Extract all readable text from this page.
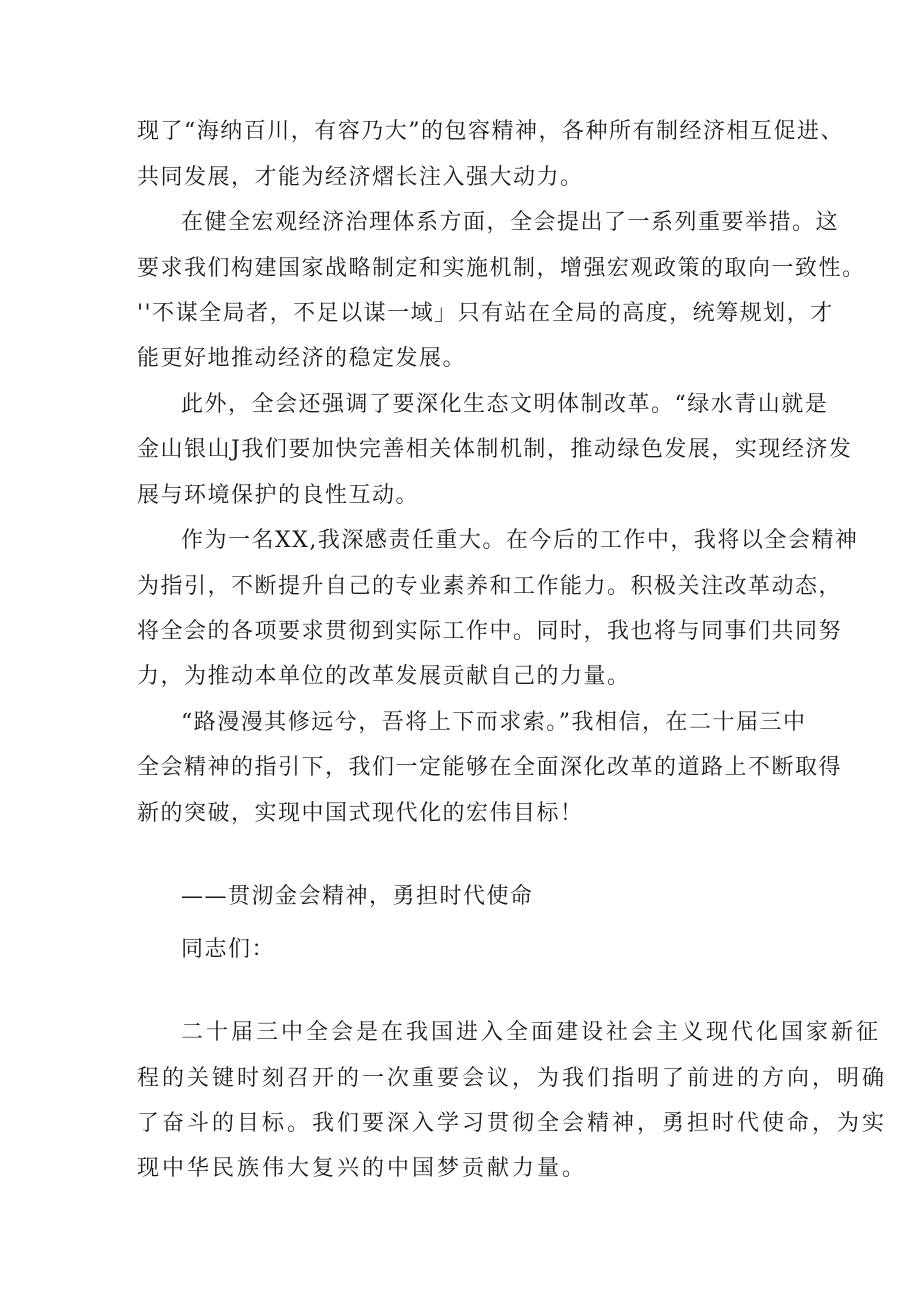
现了“海纳百川，有容乃大”的包容精神，各种所有制经济相互促进、
共同发展，才能为经济熠长注入强大动力。
在健全宏观经济治理体系方面，全会提出了一系列重要举措。这
要求我们构建国家战略制定和实施机制，增强宏观政策的取向一致性。
''不谋全局者，不足以谋一域」只有站在全局的高度，统筹规划，才
能更好地推动经济的稳定发展。
此外，全会还强调了要深化生态文明体制改革。“绿水青山就是
金山银山J我们要加快完善相关体制机制，推动绿色发展，实现经济发
展与环境保护的良性互动。
作为一名XX,我深感责任重大。在今后的工作中，我将以全会精神
为指引，不断提升自己的专业素养和工作能力。积极关注改革动态，
将全会的各项要求贯彻到实际工作中。同时，我也将与同事们共同努
力，为推动本单位的改革发展贡献自己的力量。
“路漫漫其修远兮，吾将上下而求索。”我相信，在二十届三中
全会精神的指引下，我们一定能够在全面深化改革的道路上不断取得
新的突破，实现中国式现代化的宏伟目标！
——贯沏金会精神，勇担时代使命
同志们：
二十届三中全会是在我国进入全面建设社会主义现代化国家新征
程的关键时刻召开的一次重要会议，为我们指明了前进的方向，明确
了奋斗的目标。我们要深入学习贯彻全会精神，勇担时代使命，为实
现中华民族伟大复兴的中国梦贡献力量。
